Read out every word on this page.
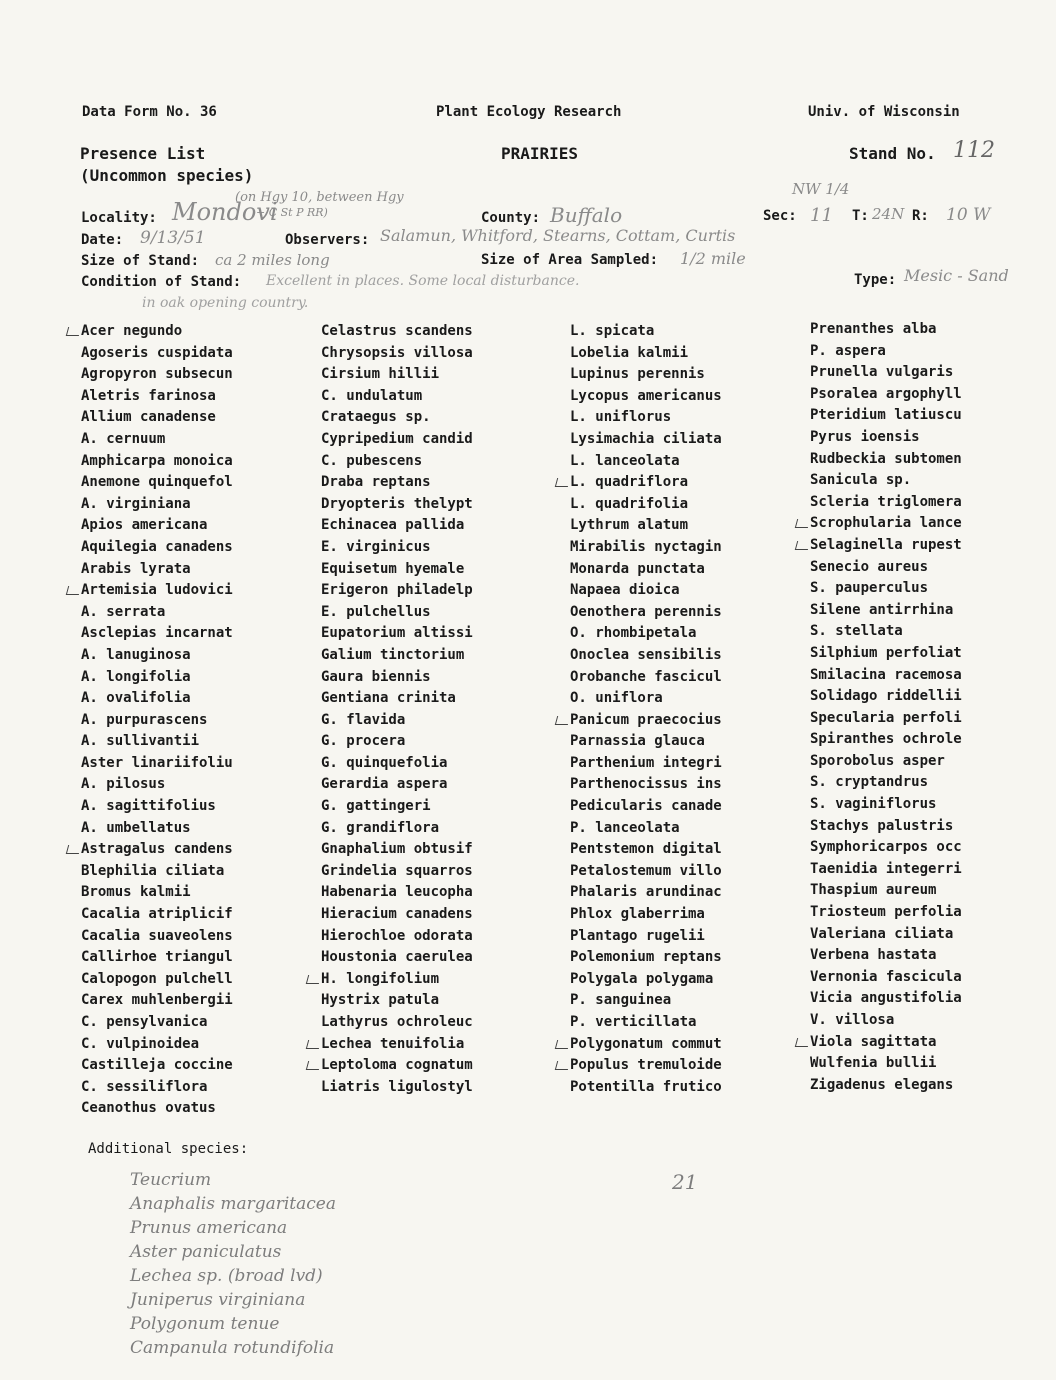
Data Form No. 36	Plant Ecology Research	Univ. of Wisconsin
Presence List
(Uncommon species)
PRAIRIES	Stand No. 112
(on Hgy 10, between Hgy
+ C St P RR)
NW 1/4
Locality: Mondovi	County: Buffalo	Sec: 11 T: 24N R: 10 W
Date: 9/13/51	Observers: Salamun, Whitford, Stearns, Cottam, Curtis
Size of Stand: ca 2 miles long	Size of Area Sampled: 1/2 mile
Condition of Stand: Excellent in places. Some local disturbance.
in oak opening country.
Type: Mesic - Sand
Acer negundo
Agoseris cuspidata
Agropyron subsecun
Aletris farinosa
Allium canadense
A. cernuum
Amphicarpa monoica
Anemone quinquefol
A. virginiana
Apios americana
Aquilegia canadens
Arabis lyrata
Artemisia ludovici
A. serrata
Asclepias incarnat
A. lanuginosa
A. longifolia
A. ovalifolia
A. purpurascens
A. sullivantii
Aster linariifoliu
A. pilosus
A. sagittifolius
A. umbellatus
Astragalus candens
Blephilia ciliata
Bromus kalmii
Cacalia atriplicif
Cacalia suaveolens
Callirhoe triangul
Calopogon pulchell
Carex muhlenbergii
C. pensylvanica
C. vulpinoidea
Castilleja coccine
C. sessiliflora
Ceanothus ovatus
Celastrus scandens
Chrysopsis villosa
Cirsium hillii
C. undulatum
Crataegus sp.
Cypripedium candid
C. pubescens
Draba reptans
Dryopteris thelypt
Echinacea pallida
E. virginicus
Equisetum hyemale
Erigeron philadelp
E. pulchellus
Eupatorium altissi
Galium tinctorium
Gaura biennis
Gentiana crinita
G. flavida
G. procera
G. quinquefolia
Gerardia aspera
G. gattingeri
G. grandiflora
Gnaphalium obtusif
Grindelia squarros
Habenaria leucopha
Hieracium canadens
Hierochloe odorata
Houstonia caerulea
H. longifolium
Hystrix patula
Lathyrus ochroleuc
Lechea tenuifolia
Leptoloma cognatum
Liatris ligulostyl
L. spicata
Lobelia kalmii
Lupinus perennis
Lycopus americanus
L. uniflorus
Lysimachia ciliata
L. lanceolata
L. quadriflora
L. quadrifolia
Lythrum alatum
Mirabilis nyctagin
Monarda punctata
Napaea dioica
Oenothera perennis
O. rhombipetala
Onoclea sensibilis
Orobanche fascicul
O. uniflora
Panicum praecocius
Parnassia glauca
Parthenium integri
Parthenocissus ins
Pedicularis canade
P. lanceolata
Pentstemon digital
Petalostemum villo
Phalaris arundinac
Phlox glaberrima
Plantago rugelii
Polemonium reptans
Polygala polygama
P. sanguinea
P. verticillata
Polygonatum commut
Populus tremuloide
Potentilla frutico
Prenanthes alba
P. aspera
Prunella vulgaris
Psoralea argophyll
Pteridium latiuscu
Pyrus ioensis
Rudbeckia subtomen
Sanicula sp.
Scleria triglomera
Scrophularia lance
Selaginella rupest
Senecio aureus
S. pauperculus
Silene antirrhina
S. stellata
Silphium perfoliat
Smilacina racemosa
Solidago riddellii
Specularia perfoli
Spiranthes ochrole
Sporobolus asper
S. cryptandrus
S. vaginiflorus
Stachys palustris
Symphoricarpos occ
Taenidia integerri
Thaspium aureum
Triosteum perfolia
Valeriana ciliata
Verbena hastata
Vernonia fascicula
Vicia angustifolia
V. villosa
Viola sagittata
Wulfenia bullii
Zigadenus elegans
Additional species:
21
Teucrium
Anaphalis margaritacea
Prunus americana
Aster paniculatus
Lechea sp. (broad lvd)
Juniperus virginiana
Polygonum tenue
Campanula rotundifolia
